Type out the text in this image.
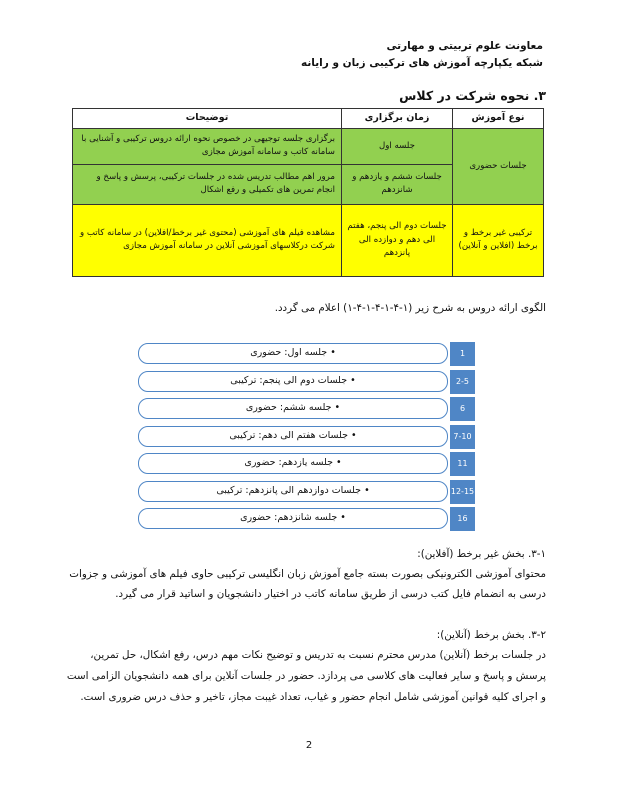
معاونت علوم تربیتی و مهارتی
شبکه یکپارچه آموزش های ترکیبی زبان و رایانه
۳. نحوه شرکت در کلاس
نوع آموزش	زمان برگزاری	توضیحات
جلسات حضوری	جلسه اول	برگزاری جلسه توجیهی در خصوص نحوه ارائه دروس ترکیبی و آشنایی با سامانه کاتب و سامانه آموزش مجازی
	جلسات ششم و یازدهم و شانزدهم	مرور اهم مطالب تدریس شده در جلسات ترکیبی، پرسش و پاسخ و انجام تمرین های تکمیلی و رفع اشکال
ترکیبی غیر برخط و برخط (افلاین و آنلاین)	جلسات دوم الی پنجم، هفتم الی دهم و دوازده الی پانزدهم	مشاهده فیلم های آموزشی (محتوی غیر برخط/افلاین) در سامانه کاتب و شرکت درکلاسهای آموزشی آنلاین در سامانه آموزش مجازی
الگوی ارائه دروس به شرح زیر (۱-۴-۱-۴-۱-۴-۱) اعلام می گردد.
• جلسه اول: حضوری	1
• جلسات دوم الی پنجم: ترکیبی	2-5
• جلسه ششم: حضوری	6
• جلسات هفتم الی دهم: ترکیبی	7-10
• جلسه یازدهم: حضوری	11
• جلسات دوازدهم الی پانزدهم: ترکیبی	12-15
• جلسه شانزدهم: حضوری	16
۳-۱. بخش غیر برخط (آفلاین):
محتوای آموزشی الکترونیکی بصورت بسته جامع آموزش زبان انگلیسی ترکیبی حاوی فیلم های آموزشی و جزوات
درسی به انضمام فایل کتب درسی از طریق سامانه کاتب در اختیار دانشجویان و اساتید قرار می گیرد.
۳-۲. بخش برخط (آنلاین):
در جلسات برخط (آنلاین) مدرس محترم نسبت به تدریس و توضیح نکات مهم درس، رفع اشکال، حل تمرین،
پرسش و پاسخ و سایر فعالیت های کلاسی می پردازد. حضور در جلسات آنلاین برای همه دانشجویان الزامی است
و اجرای کلیه قوانین آموزشی شامل انجام حضور و غیاب، تعداد غیبت مجاز، تاخیر و حذف درس ضروری است.
2
